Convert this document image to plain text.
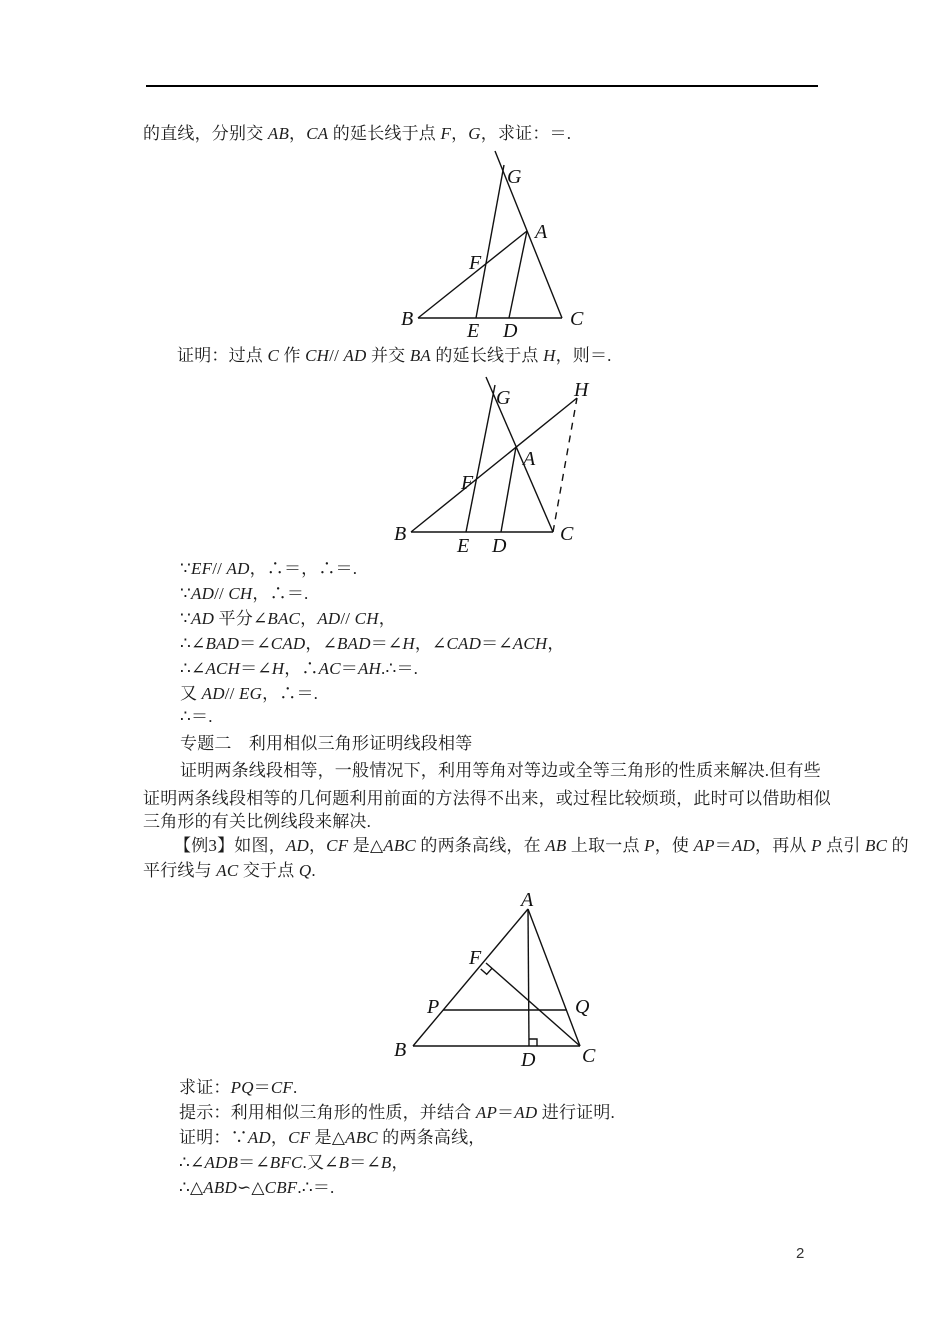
的直线，分别交 AB，CA 的延长线于点 F，G，求证：＝.
证明：过点 C 作 CH// AD 并交 BA 的延长线于点 H，则＝.
∵EF// AD，∴＝，∴＝.
∵AD// CH，∴＝.
∵AD 平分∠BAC，AD// CH，
∴∠BAD＝∠CAD，∠BAD＝∠H，∠CAD＝∠ACH，
∴∠ACH＝∠H，∴AC＝AH.∴＝.
又 AD// EG，∴＝.
∴＝.
专题二　利用相似三角形证明线段相等
证明两条线段相等，一般情况下，利用等角对等边或全等三角形的性质来解决.但有些
证明两条线段相等的几何题利用前面的方法得不出来，或过程比较烦琐，此时可以借助相似
三角形的有关比例线段来解决.
【例3】如图，AD，CF 是△ABC 的两条高线，在 AB 上取一点 P，使 AP＝AD，再从 P 点引 BC 的
平行线与 AC 交于点 Q.
求证：PQ＝CF.
提示：利用相似三角形的性质，并结合 AP＝AD 进行证明.
证明：∵AD，CF 是△ABC 的两条高线，
∴∠ADB＝∠BFC.又∠B＝∠B，
∴△ABD∽△CBF.∴＝.
G
A
F
B
E D
C
G	H
A
F
B
E D
C
A
F
P	Q
B	D C
2
